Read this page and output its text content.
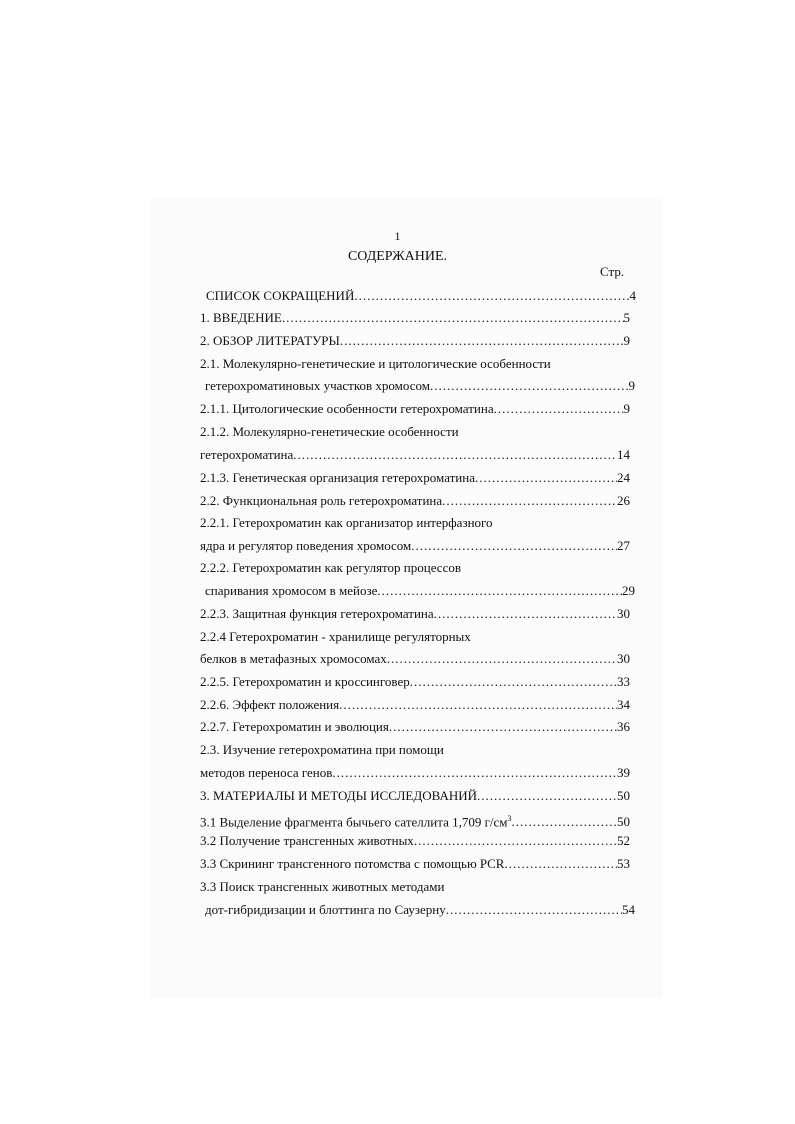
1
СОДЕРЖАНИЕ.
Стр.
СПИСОК СОКРАЩЕНИЙ .....	4
1. ВВЕДЕНИЕ .....	5
2. ОБЗОР ЛИТЕРАТУРЫ .....	9
2.1. Молекулярно-генетические и цитологические особенности
гетерохроматиновых участков хромосом .....	9
2.1.1. Цитологические особенности гетерохроматина .....	9
2.1.2. Молекулярно-генетические особенности
гетерохроматина .....	14
2.1.3. Генетическая организация гетерохроматина .....	24
2.2. Функциональная роль гетерохроматина .....	26
2.2.1. Гетерохроматин как организатор интерфазного
ядра и регулятор поведения хромосом .....	27
2.2.2. Гетерохроматин как регулятор процессов
спаривания хромосом в мейозе .....	29
2.2.3. Защитная функция гетерохроматина .....	30
2.2.4 Гетерохроматин - хранилище регуляторных
белков в метафазных хромосомах .....	30
2.2.5. Гетерохроматин и кроссинговер .....	33
2.2.6. Эффект положения .....	34
2.2.7. Гетерохроматин и эволюция .....	36
2.3. Изучение гетерохроматина при помощи
методов переноса генов .....	39
3. МАТЕРИАЛЫ И МЕТОДЫ ИССЛЕДОВАНИЙ .....	50
3.1 Выделение фрагмента бычьего сателлита 1,709 $г/см^3$ .....	50
3.2 Получение трансгенных животных .....	52
3.3 Скрининг трансгенного потомства с помощью PCR .....	53
3.3 Поиск трансгенных животных методами
дот-гибридизации и блоттинга по Саузерну .....	54
